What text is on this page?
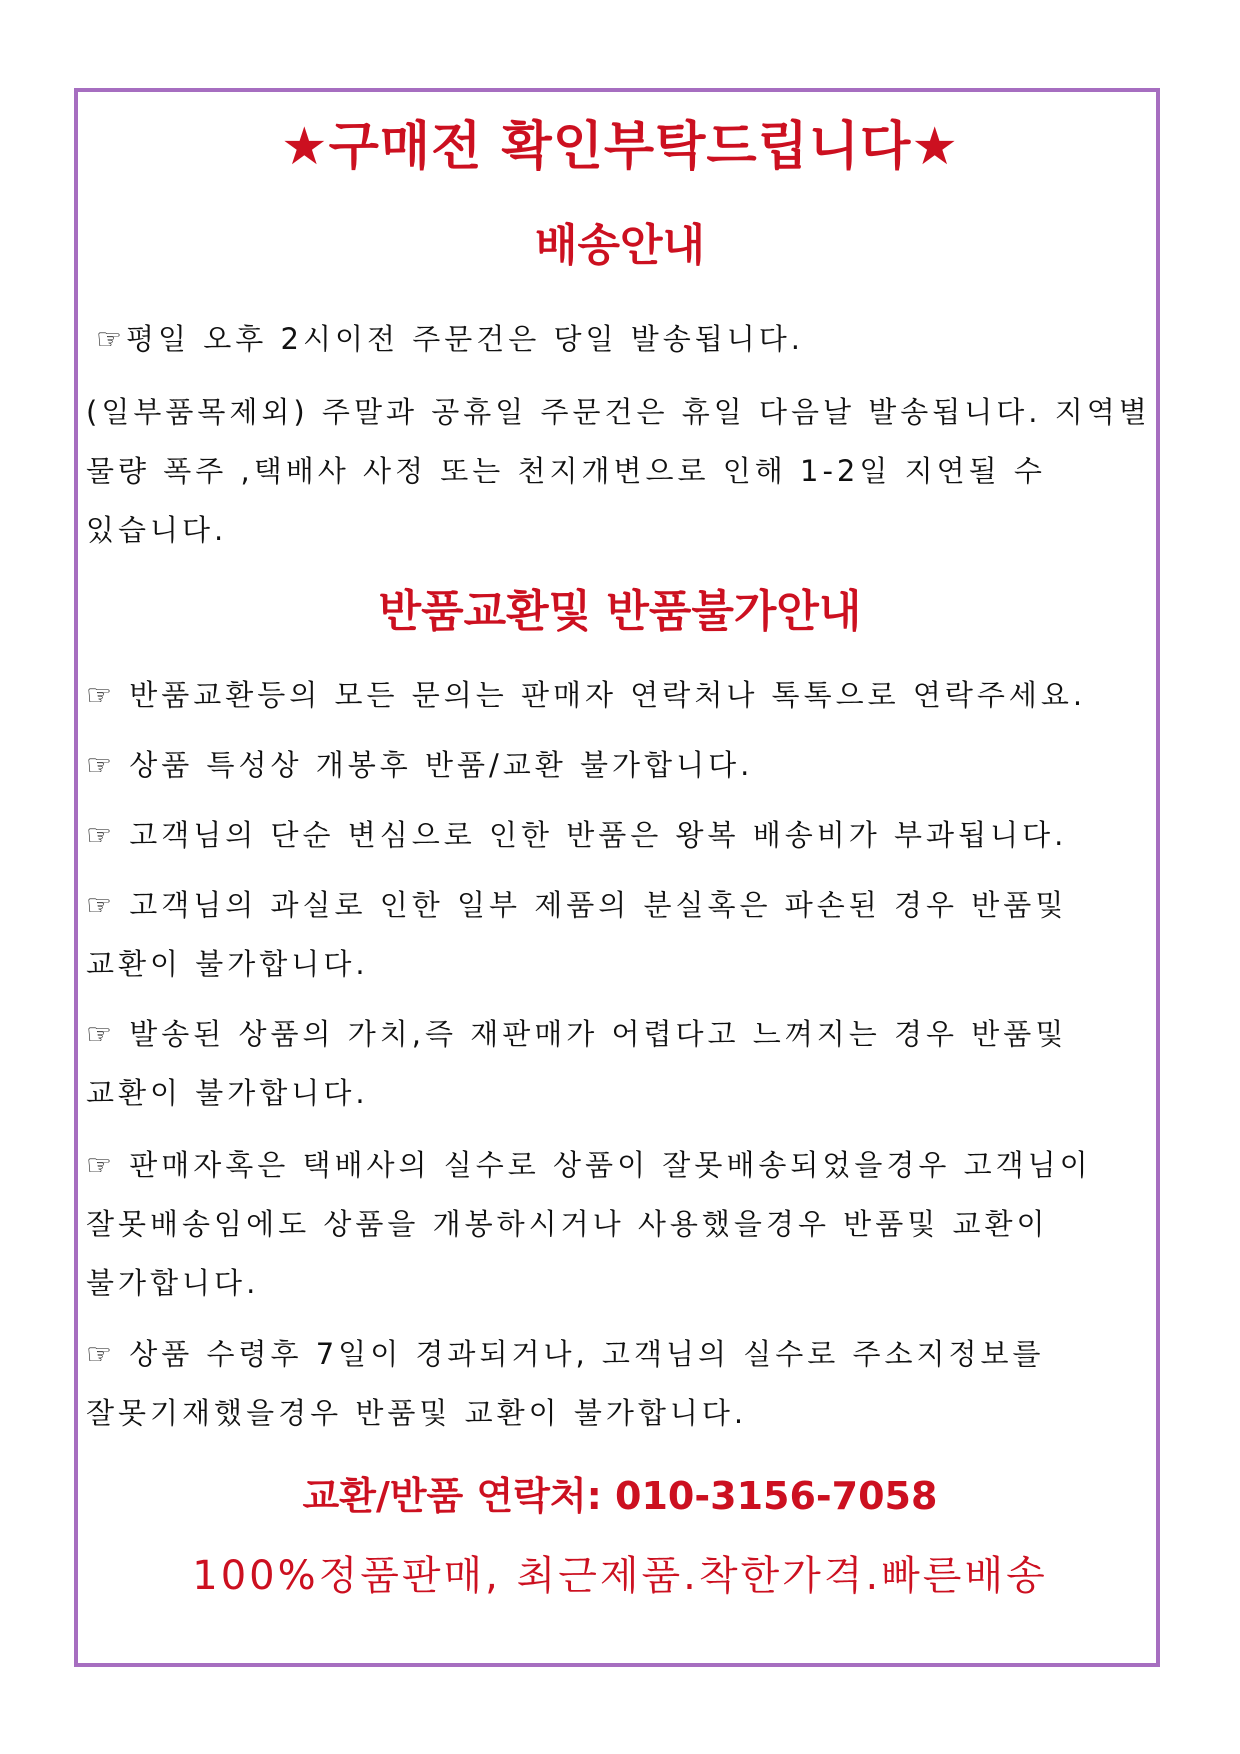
★구매전 확인부탁드립니다★
배송안내
☞평일 오후 2시이전 주문건은 당일 발송됩니다.
(일부품목제외) 주말과 공휴일 주문건은 휴일 다음날 발송됩니다. 지역별 물량 폭주 ,택배사 사정 또는 천지개변으로 인해 1-2일 지연될 수 있습니다.
반품교환및 반품불가안내
☞ 반품교환등의 모든 문의는 판매자 연락처나 톡톡으로 연락주세요.
☞ 상품 특성상 개봉후 반품/교환 불가합니다.
☞ 고객님의 단순 변심으로 인한 반품은 왕복 배송비가 부과됩니다.
☞ 고객님의 과실로 인한 일부 제품의 분실혹은 파손된 경우 반품및 교환이 불가합니다.
☞ 발송된 상품의 가치,즉 재판매가 어렵다고 느껴지는 경우 반품및 교환이 불가합니다.
☞ 판매자혹은 택배사의 실수로 상품이 잘못배송되었을경우 고객님이 잘못배송임에도 상품을 개봉하시거나 사용했을경우 반품및 교환이 불가합니다.
☞ 상품 수령후 7일이 경과되거나, 고객님의 실수로 주소지정보를 잘못기재했을경우 반품및 교환이 불가합니다.
교환/반품 연락처: 010-3156-7058
100%정품판매, 최근제품.착한가격.빠른배송
